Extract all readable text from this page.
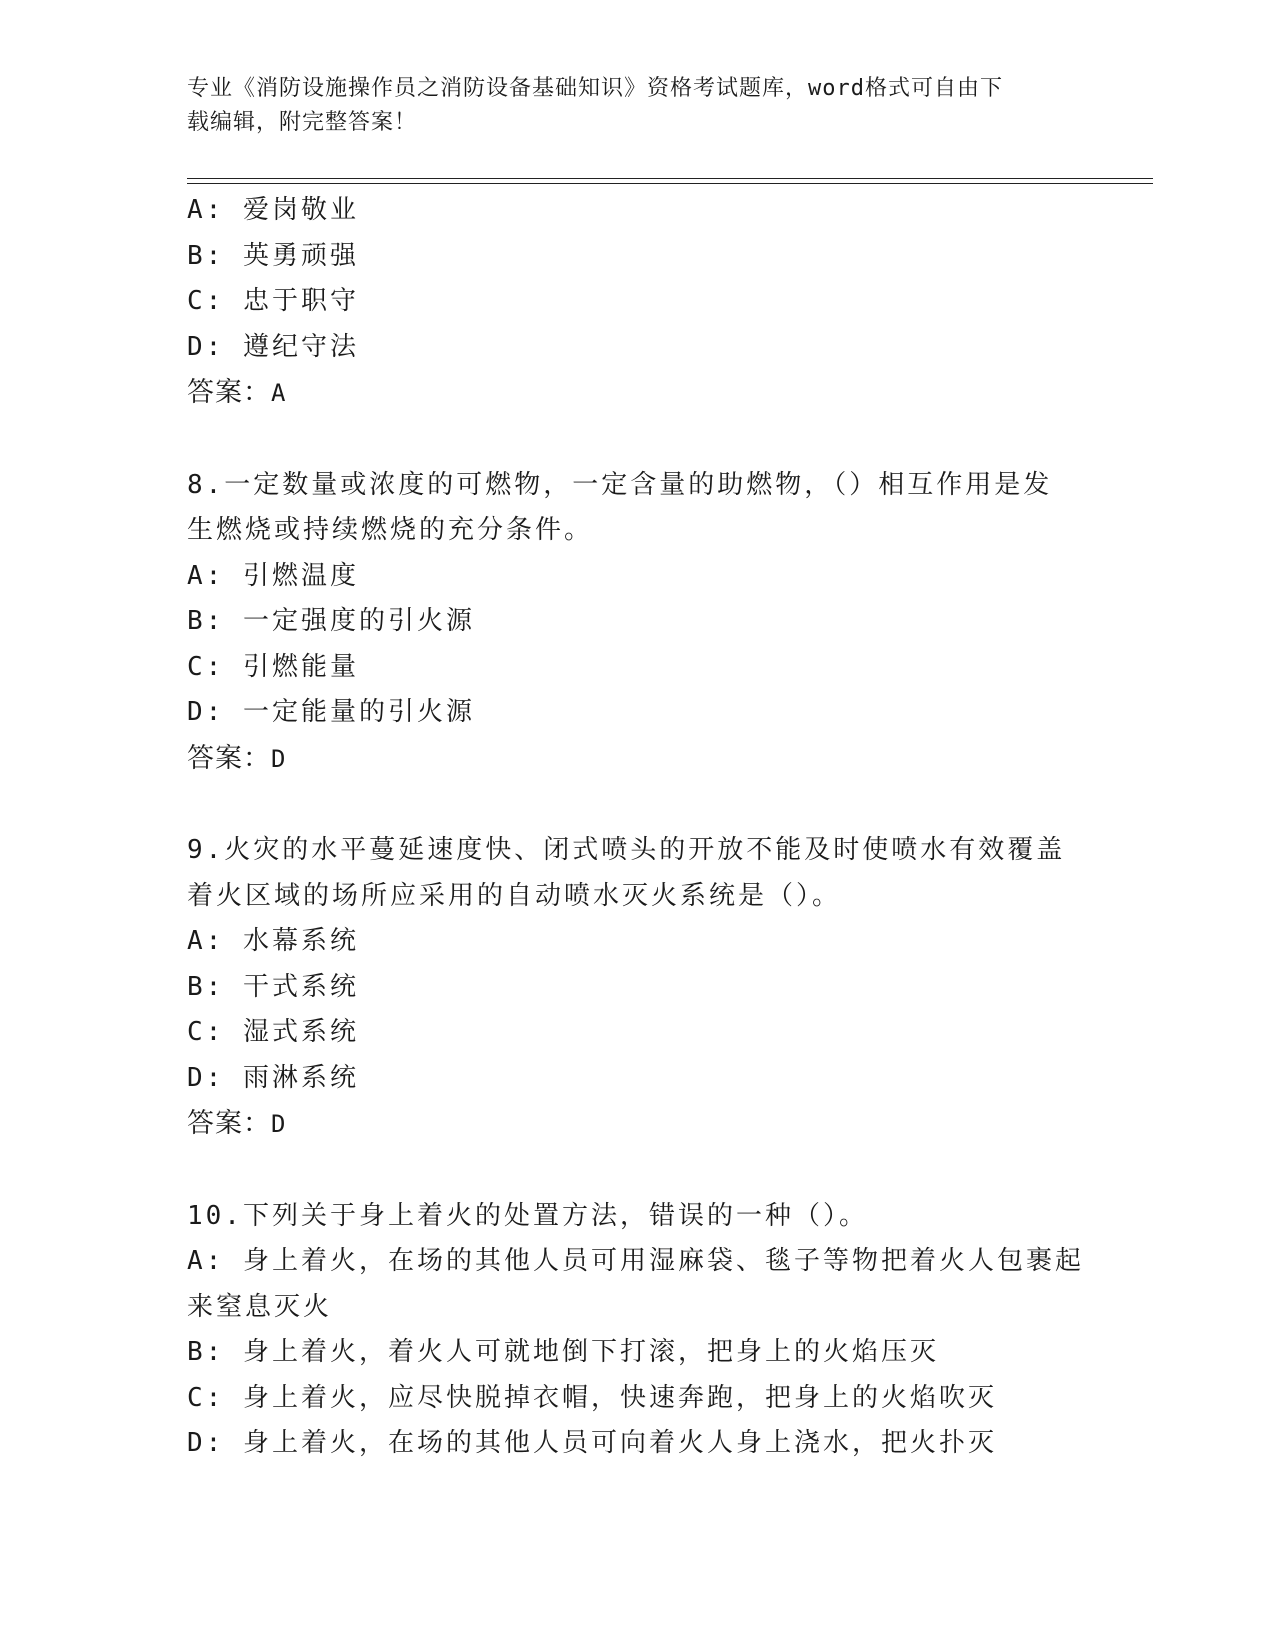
专业《消防设施操作员之消防设备基础知识》资格考试题库，word格式可自由下
载编辑，附完整答案！
A: 爱岗敬业
B: 英勇顽强
C: 忠于职守
D: 遵纪守法
答案：A
8.一定数量或浓度的可燃物，一定含量的助燃物，（）相互作用是发
生燃烧或持续燃烧的充分条件。
A: 引燃温度
B: 一定强度的引火源
C: 引燃能量
D: 一定能量的引火源
答案：D
9.火灾的水平蔓延速度快、闭式喷头的开放不能及时使喷水有效覆盖
着火区域的场所应采用的自动喷水灭火系统是（）。
A: 水幕系统
B: 干式系统
C: 湿式系统
D: 雨淋系统
答案：D
10.下列关于身上着火的处置方法，错误的一种（）。
A: 身上着火，在场的其他人员可用湿麻袋、毯子等物把着火人包裹起
来窒息灭火
B: 身上着火，着火人可就地倒下打滚，把身上的火焰压灭
C: 身上着火，应尽快脱掉衣帽，快速奔跑，把身上的火焰吹灭
D: 身上着火，在场的其他人员可向着火人身上浇水，把火扑灭
